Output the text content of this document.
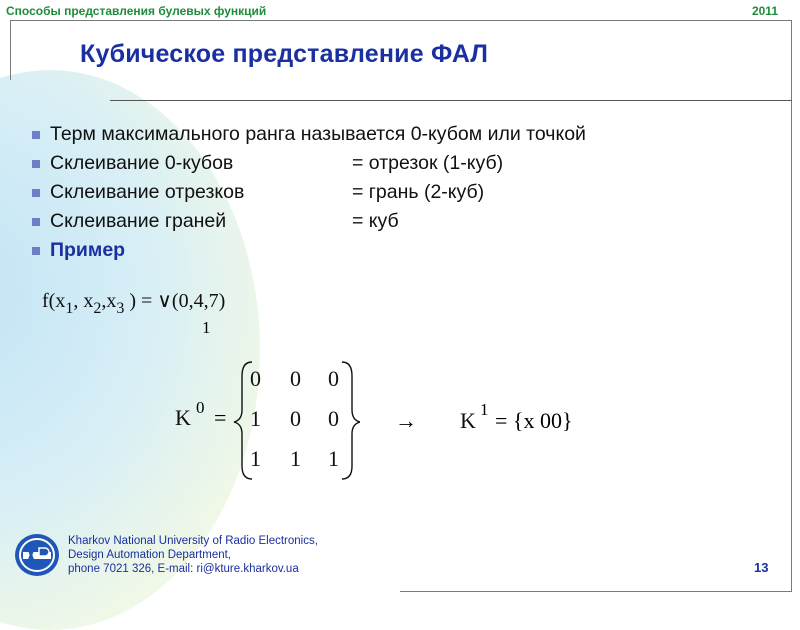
Способы представления булевых функций	2011
Кубическое представление ФАЛ
Терм максимального ранга называется 0-кубом или точкой
Склеивание 0-кубов	= отрезок (1-куб)
Склеивание отрезков	= грань (2-куб)
Склеивание граней	= куб
Пример
$f(x_1$, $x_2,x_3$ ) = ∨(0,4,7)
1
K 0 =
0 0 0
1 0 0
1 1 1
→ K 1 = {x 00}
Kharkov National University of Radio Electronics,
Design Automation Department,
phone 7021 326, E-mail: ri@kture.kharkov.ua	13
